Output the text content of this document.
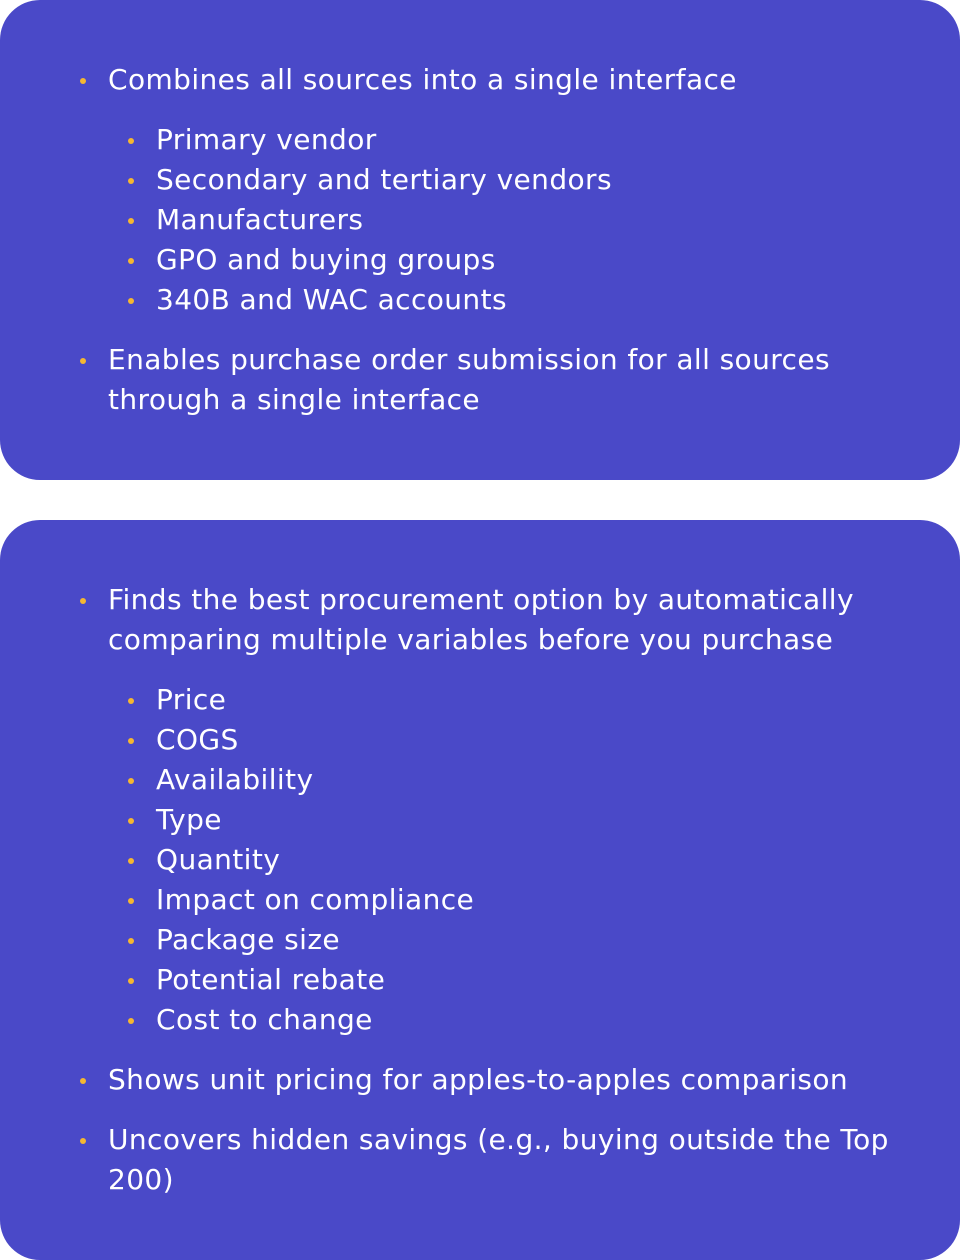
Combines all sources into a single interface
Primary vendor
Secondary and tertiary vendors
Manufacturers
GPO and buying groups
340B and WAC accounts
Enables purchase order submission for all sources through a single interface
Finds the best procurement option by automatically comparing multiple variables before you purchase
Price
COGS
Availability
Type
Quantity
Impact on compliance
Package size
Potential rebate
Cost to change
Shows unit pricing for apples-to-apples comparison
Uncovers hidden savings (e.g., buying outside the Top 200)
